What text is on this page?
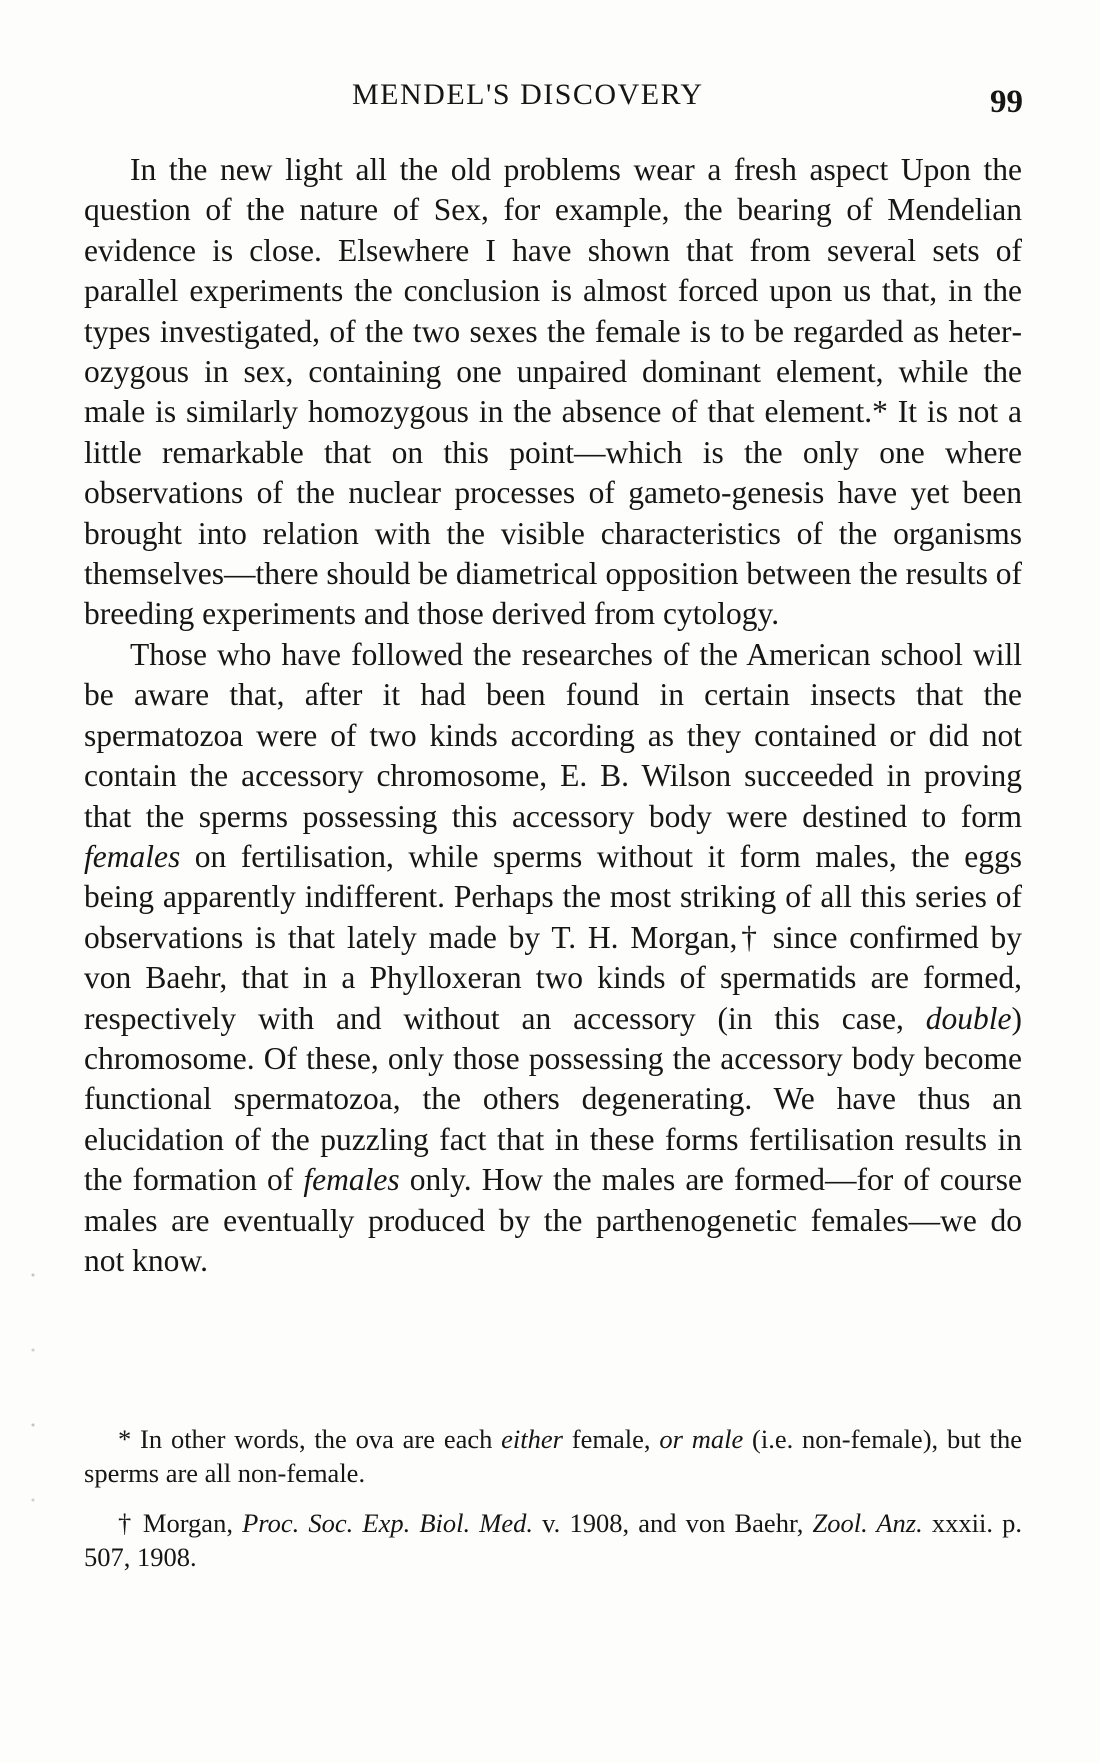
MENDEL'S DISCOVERY	99

In the new light all the old problems wear a fresh aspect Upon the question of the nature of Sex, for example, the bearing of Mendelian evidence is close. Elsewhere I have shown that from several sets of parallel experiments the conclusion is almost forced upon us that, in the types investigated, of the two sexes the female is to be regarded as heterozygous in sex, containing one unpaired dominant element, while the male is similarly homozygous in the absence of that element.* It is not a little remarkable that on this point—which is the only one where observations of the nuclear processes of gameto-genesis have yet been brought into relation with the visible characteristics of the organisms themselves—there should be diametrical opposition between the results of breeding experiments and those derived from cytology.

Those who have followed the researches of the American school will be aware that, after it had been found in certain insects that the spermatozoa were of two kinds according as they contained or did not contain the accessory chromosome, E. B. Wilson succeeded in proving that the sperms possessing this accessory body were destined to form females on fertilisation, while sperms without it form males, the eggs being apparently indifferent. Perhaps the most striking of all this series of observations is that lately made by T. H. Morgan,† since confirmed by von Baehr, that in a Phylloxeran two kinds of spermatids are formed, respectively with and without an accessory (in this case, double) chromosome. Of these, only those possessing the accessory body become functional spermatozoa, the others degenerating. We have thus an elucidation of the puzzling fact that in these forms fertilisation results in the formation of females only. How the males are formed—for of course males are eventually produced by the parthenogenetic females—we do not know.

* In other words, the ova are each either female, or male (i.e. non-female), but the sperms are all non-female.

† Morgan, Proc. Soc. Exp. Biol. Med. v. 1908, and von Baehr, Zool. Anz. xxxii. p. 507, 1908.
